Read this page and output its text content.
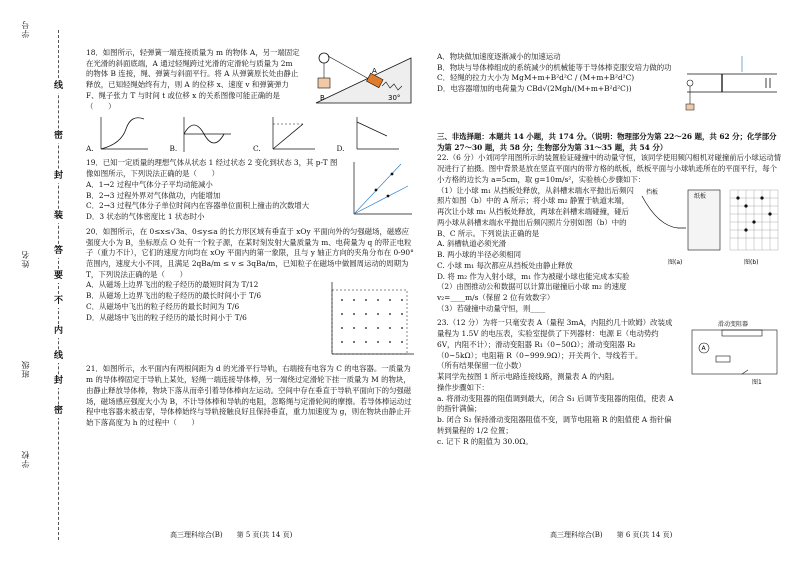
学号
姓名
班级
学校
线
密
封
装
答
要
不
内
线
封
密

18．如图所示，轻弹簧一端连接质量为 m 的物体 A，另一端固定在光滑的斜面底端，A 通过轻绳跨过光滑的定滑轮与质量为 2m 的物体 B 连接，绳、弹簧与斜面平行。将 A 从弹簧原长处由静止释放，已知轻绳始终有力，则 A 的位移 x、速度 v 和弹簧弹力 F、绳子张力 T 与时间 t 或位移 x 的关系图像可能正确的是（　　）

B
A
30°
A.	B.	C.	D.

19．已知一定质量的理想气体从状态 1 经过状态 2 变化到状态 3，其 p-T 图像如图所示，下列说法正确的是（　　）

A．1→2 过程中气体分子平均动能减小

B．2→3 过程外界对气体做功，内能增加

C．2→3 过程气体分子单位时间内在容器单位面积上撞击的次数增大

D．3 状态的气体密度比 1 状态时小

20．如图所示，在 0≤x≤√3a、0≤y≤a 的长方形区域有垂直于 xOy 平面向外的匀强磁场，磁感应强度大小为 B，坐标原点 O 处有一个粒子源，在某时刻发射大量质量为 m、电荷量为 q 的带正电粒子（重力不计），它们的速度方向均在 xOy 平面内的第一象限，且与 y 轴正方向的夹角分布在 0-90°范围内，速度大小不同，且满足 2qBa/m ≤ v ≤ 3qBa/m，已知粒子在磁场中做圆周运动的周期为 T，下列说法正确的是（　　）

A．从磁场上边界飞出的粒子经历的最短时间为 T/12

B．从磁场上边界飞出的粒子经历的最长时间小于 T/6

C．从磁场中飞出的粒子经历的最长时间为 T/6

D．从磁场中飞出的粒子经历的最长时间小于 T/6

21．如图所示，水平面内有两根间距为 d 的光滑平行导轨，右端接有电容为 C 的电容器。一质量为 m 的导体棒固定于导轨上某处，轻绳一端连接导体棒，另一端绕过定滑轮下挂一质量为 M 的物块，由静止释放导体棒，物块下落从而牵引着导体棒向左运动。空间中存在垂直于导轨平面向下的匀强磁场，磁场感应强度大小为 B，不计导体棒和导轨的电阻，忽略绳与定滑轮间的摩擦。若导体棒运动过程中电容器未被击穿，导体棒始终与导轨接触良好且保持垂直，重力加速度为 g，则在物块由静止开始下落高度为 h 的过程中（　　）

高三理科综合(B)　　第 5 页(共 14 页)

A．物块做加速度逐渐减小的加速运动

B．物块与导体棒组成的系统减少的机械能等于导体棒克服安培力做的功

C．轻绳的拉力大小为 MgM+m+B²d²C / (M+m+B²d²C)

D．电容器增加的电荷量为 CBd√(2Mgh/(M+m+B²d²C))

三、非选择题：本题共 14 小题，共 174 分。（说明：物理部分为第 22～26 题，共 62 分；化学部分为第 27～30 题，共 58 分；生物部分为第 31～35 题，共 54 分）

22.（6 分）小刘同学用图所示的装置验证碰撞中的动量守恒，该同学使用频闪相机对碰撞前后小球运动情况进行了拍摄。图中背景是放在竖直平面内的带方格的纸板，纸板平面与小球轨迹所在的平面平行，每个小方格的边长为 a=5cm，取 g=10m/s²，实验核心步骤如下：

（1）让小球 m₁ 从挡板处释放，从斜槽末端水平抛出后频闪照片如图（b）中的 A 所示；将小球 m₂ 静置于轨道末端，再次让小球 m₁ 从挡板处释放，两球在斜槽末端碰撞，碰后两小球从斜槽末端水平抛出后频闪照片分别如图（b）中的 B、C 所示。下列说法正确的是

A. 斜槽轨道必须光滑

B. 两小球的半径必须相同

C. 小球 m₁ 每次都应从挡板处由静止释放

D. 将 m₂ 作为入射小球，m₁ 作为被碰小球也能完成本实验

（2）由图推动公和数据可以计算出碰撞后小球 m₂ 的速度 v₂=____m/s（保留 2 位有效数字）

（3）若碰撞中动量守恒，则____

挡板
纸板
图(a)	图(b)

23.（12 分）为将一只毫安表 A（量程 3mA，内阻约几十欧姆）改装成量程为 1.5V 的电压表，实验室提供了下列器材：电源 E（电动势约 6V，内阻不计）；滑动变阻器 R₁（0~50Ω）；滑动变阻器 R₂（0~5kΩ）；电阻箱 R（0~999.9Ω）；开关两个、导线若干。

（所有结果保留一位小数）

某同学先按图 1 所示电路连接线路，测量表 A 的内阻。

操作步骤如下：

a. 将滑动变阻器的阻值调到最大，闭合 S₁ 后调节变阻器的阻值，使表 A 的指针满偏；

b. 闭合 S₂ 保持滑动变阻器阻值不变，调节电阻箱 R 的阻值使 A 指针偏转到量程的 1/2 位置；

c. 记下 R 的阻值为 30.0Ω。

滑动变阻器
A
图1
高三理科综合(B)　　第 6 页(共 14 页)
